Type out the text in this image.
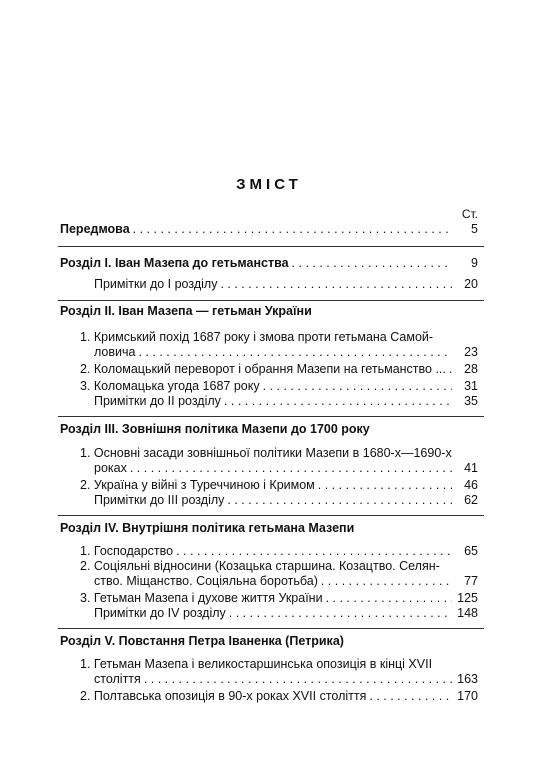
ЗМІСТ
Ст.
Передмова . . .	5
Розділ І. Іван Мазепа до гетьманства . . .	9
Примітки до І розділу . . .	20
Розділ ІІ. Іван Мазепа — гетьман України
1. Кримський похід 1687 року і змова проти гетьмана Самой-
ловича . . .	23
2. Коломацький переворот і обрання Мазепи на гетьманство ... . . .	28
3. Коломацька угода 1687 року . . .	31
Примітки до ІІ розділу . . .	35
Розділ ІІІ. Зовнішня політика Мазепи до 1700 року
1. Основні засади зовнішньої політики Мазепи в 1680-х—1690-х
роках . . .	41
2. Україна у війні з Туреччиною і Кримом . . .	46
Примітки до ІІІ розділу . . .	62
Розділ IV. Внутрішня політика гетьмана Мазепи
1. Господарство . . .	65
2. Соціяльні відносини (Козацька старшина. Козацтво. Селян-
ство. Міщанство. Соціяльна боротьба) . . .	77
3. Гетьман Мазепа і духове життя України . . .	125
Примітки до IV розділу . . .	148
Розділ V. Повстання Петра Іваненка (Петрика)
1. Гетьман Мазепа і великостаршинська опозиція в кінці XVII
століття . . .	163
2. Полтавська опозиція в 90-х роках XVII століття . . .	170
